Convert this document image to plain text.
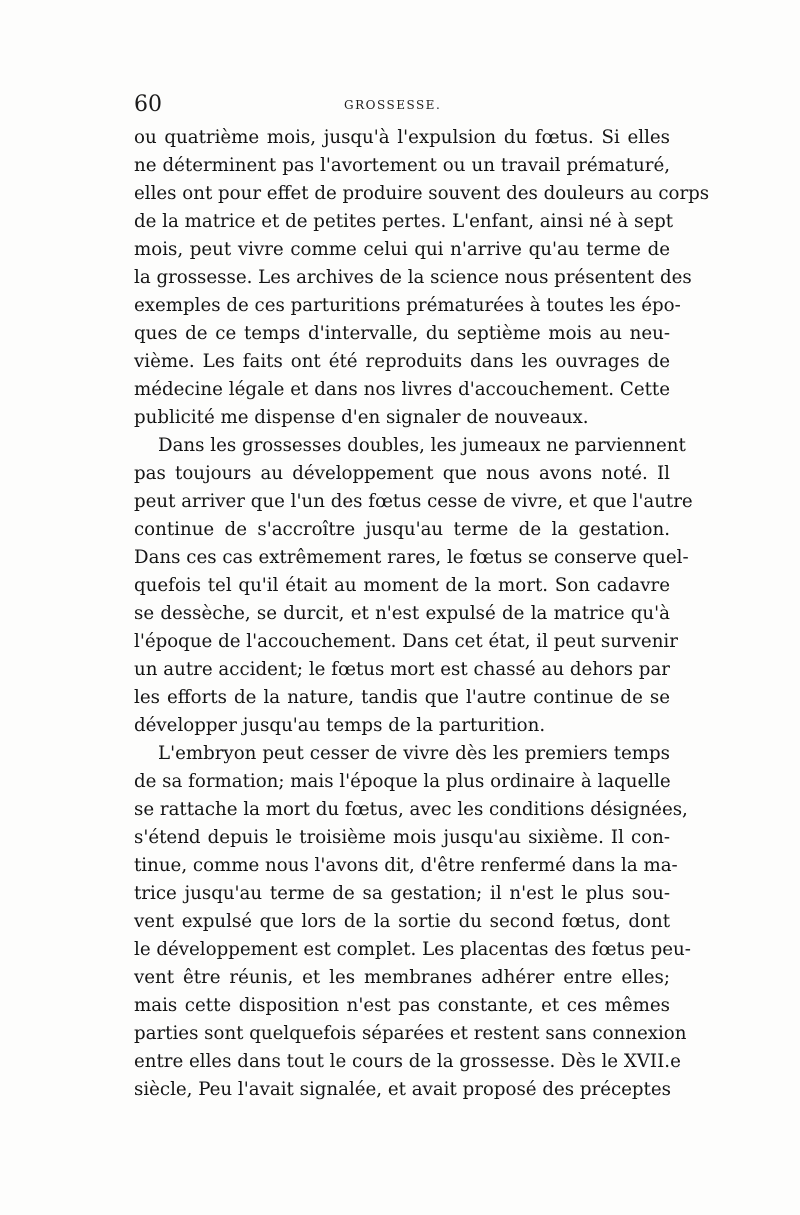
60	GROSSESSE.
ou quatrième mois, jusqu'à l'expulsion du fœtus. Si elles
ne déterminent pas l'avortement ou un travail prématuré,
elles ont pour effet de produire souvent des douleurs au corps
de la matrice et de petites pertes. L'enfant, ainsi né à sept
mois, peut vivre comme celui qui n'arrive qu'au terme de
la grossesse. Les archives de la science nous présentent des
exemples de ces parturitions prématurées à toutes les épo-
ques de ce temps d'intervalle, du septième mois au neu-
vième. Les faits ont été reproduits dans les ouvrages de
médecine légale et dans nos livres d'accouchement. Cette
publicité me dispense d'en signaler de nouveaux.
Dans les grossesses doubles, les jumeaux ne parviennent
pas toujours au développement que nous avons noté. Il
peut arriver que l'un des fœtus cesse de vivre, et que l'autre
continue de s'accroître jusqu'au terme de la gestation.
Dans ces cas extrêmement rares, le fœtus se conserve quel-
quefois tel qu'il était au moment de la mort. Son cadavre
se dessèche, se durcit, et n'est expulsé de la matrice qu'à
l'époque de l'accouchement. Dans cet état, il peut survenir
un autre accident; le fœtus mort est chassé au dehors par
les efforts de la nature, tandis que l'autre continue de se
développer jusqu'au temps de la parturition.
L'embryon peut cesser de vivre dès les premiers temps
de sa formation; mais l'époque la plus ordinaire à laquelle
se rattache la mort du fœtus, avec les conditions désignées,
s'étend depuis le troisième mois jusqu'au sixième. Il con-
tinue, comme nous l'avons dit, d'être renfermé dans la ma-
trice jusqu'au terme de sa gestation; il n'est le plus sou-
vent expulsé que lors de la sortie du second fœtus, dont
le développement est complet. Les placentas des fœtus peu-
vent être réunis, et les membranes adhérer entre elles;
mais cette disposition n'est pas constante, et ces mêmes
parties sont quelquefois séparées et restent sans connexion
entre elles dans tout le cours de la grossesse. Dès le XVII.e
siècle, Peu l'avait signalée, et avait proposé des préceptes
